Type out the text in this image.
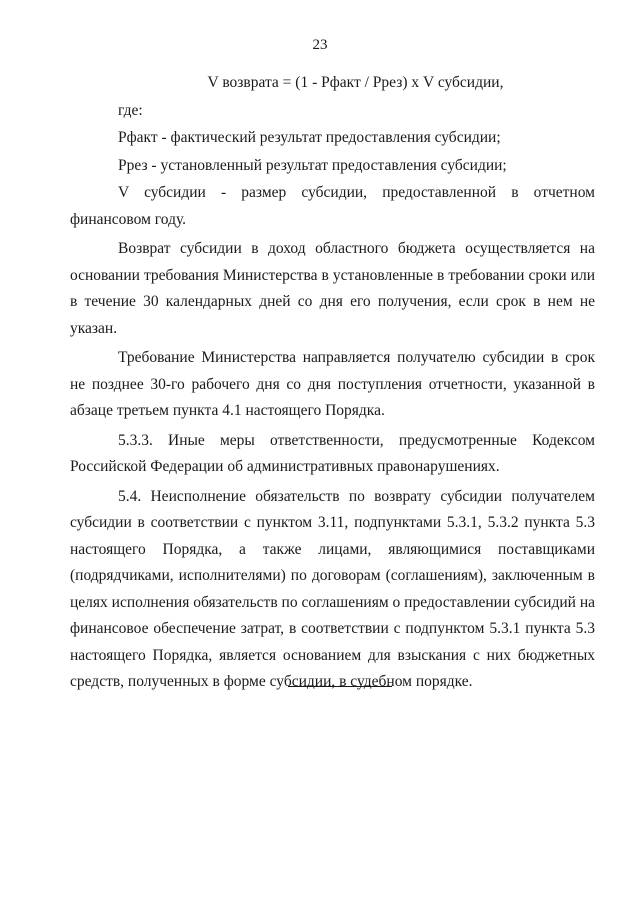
23

V возврата = (1 - Рфакт / Ррез) х V субсидии,

где:

Рфакт - фактический результат предоставления субсидии;

Ррез - установленный результат предоставления субсидии;

V субсидии - размер субсидии, предоставленной в отчетном финансовом году.

Возврат субсидии в доход областного бюджета осуществляется на основании требования Министерства в установленные в требовании сроки или в течение 30 календарных дней со дня его получения, если срок в нем не указан.

Требование Министерства направляется получателю субсидии в срок не позднее 30-го рабочего дня со дня поступления отчетности, указанной в абзаце третьем пункта 4.1 настоящего Порядка.

5.3.3. Иные меры ответственности, предусмотренные Кодексом Российской Федерации об административных правонарушениях.

5.4. Неисполнение обязательств по возврату субсидии получателем субсидии в соответствии с пунктом 3.11, подпунктами 5.3.1, 5.3.2 пункта 5.3 настоящего Порядка, а также лицами, являющимися поставщиками (подрядчиками, исполнителями) по договорам (соглашениям), заключенным в целях исполнения обязательств по соглашениям о предоставлении субсидий на финансовое обеспечение затрат, в соответствии с подпунктом 5.3.1 пункта 5.3 настоящего Порядка, является основанием для взыскания с них бюджетных средств, полученных в форме субсидии, в судебном порядке.
